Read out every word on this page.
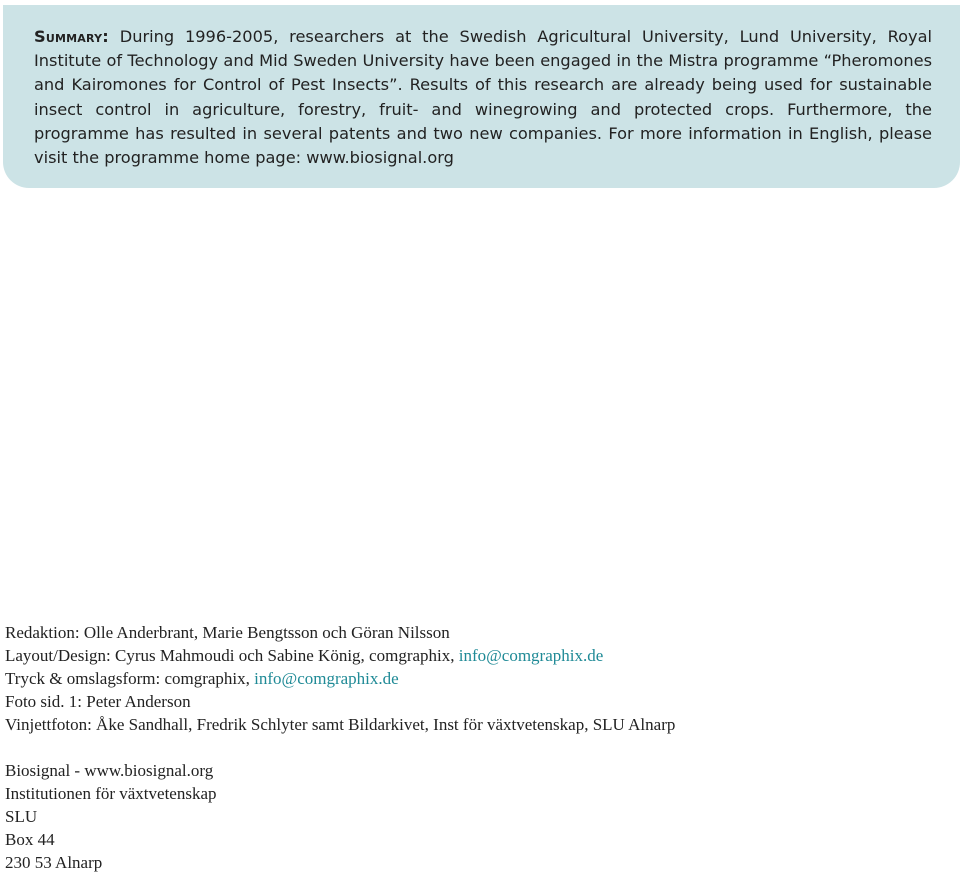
Summary: During 1996-2005, researchers at the Swedish Agricultural University, Lund University, Royal Institute of Technology and Mid Sweden University have been engaged in the Mistra programme “Pheromones and Kairomones for Control of Pest Insects”. Results of this research are already being used for sustainable insect control in agriculture, forestry, fruit- and winegrowing and protected crops. Furthermore, the programme has resulted in several patents and two new companies. For more information in English, please visit the programme home page: www.biosignal.org
Redaktion: Olle Anderbrant, Marie Bengtsson och Göran Nilsson
Layout/Design: Cyrus Mahmoudi och Sabine König, comgraphix, info@comgraphix.de
Tryck & omslagsform: comgraphix, info@comgraphix.de
Foto sid. 1: Peter Anderson
Vinjettfoton: Åke Sandhall, Fredrik Schlyter samt Bildarkivet, Inst för växtvetenskap, SLU Alnarp
Biosignal - www.biosignal.org
Institutionen för växtvetenskap
SLU
Box 44
230 53 Alnarp
